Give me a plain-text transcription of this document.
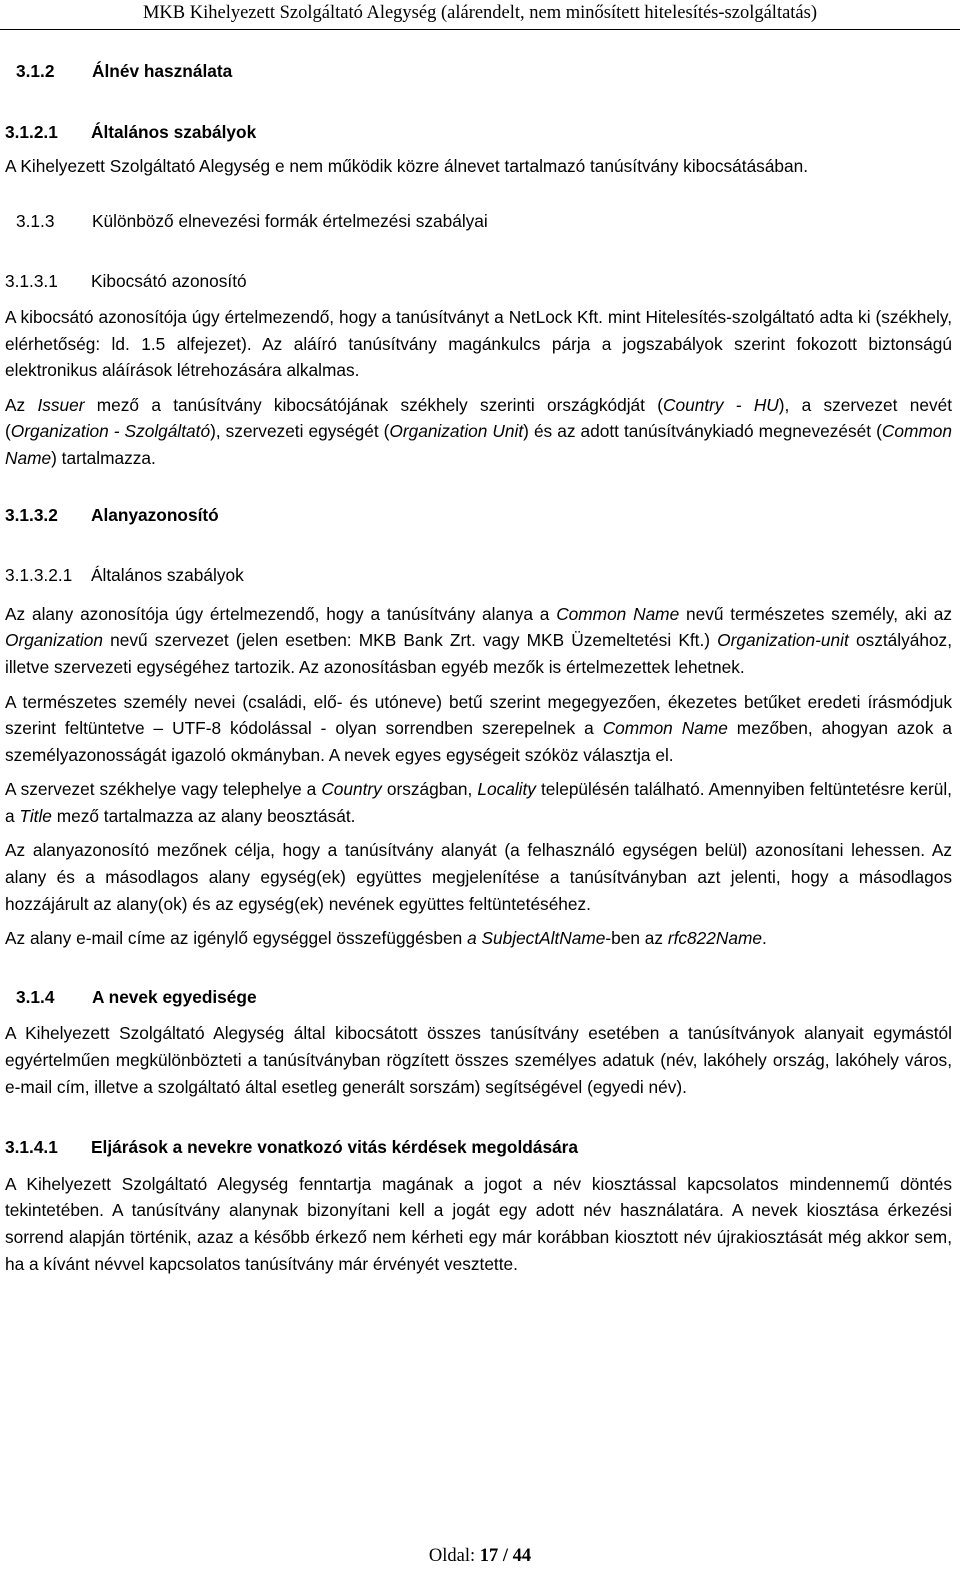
MKB Kihelyezett Szolgáltató Alegység (alárendelt, nem minősített hitelesítés-szolgáltatás)
3.1.2	Álnév használata
3.1.2.1	Általános szabályok

A Kihelyezett Szolgáltató Alegység e nem működik közre álnevet tartalmazó tanúsítvány kibocsátásában.

3.1.3	Különböző elnevezési formák értelmezési szabályai
3.1.3.1	Kibocsátó azonosító

A kibocsátó azonosítója úgy értelmezendő, hogy a tanúsítványt a NetLock Kft. mint Hitelesítés-szolgáltató adta ki (székhely, elérhetőség: ld. 1.5 alfejezet). Az aláíró tanúsítvány magánkulcs párja a jogszabályok szerint fokozott biztonságú elektronikus aláírások létrehozására alkalmas.

Az Issuer mező a tanúsítvány kibocsátójának székhely szerinti országkódját (Country - HU), a szervezet nevét (Organization - Szolgáltató), szervezeti egységét (Organization Unit) és az adott tanúsítványkiadó megnevezését (Common Name) tartalmazza.

3.1.3.2	Alanyazonosító
3.1.3.2.1	Általános szabályok

Az alany azonosítója úgy értelmezendő, hogy a tanúsítvány alanya a Common Name nevű természetes személy, aki az Organization nevű szervezet (jelen esetben: MKB Bank Zrt. vagy MKB Üzemeltetési Kft.) Organization-unit osztályához, illetve szervezeti egységéhez tartozik. Az azonosításban egyéb mezők is értelmezettek lehetnek.

A természetes személy nevei (családi, elő- és utóneve) betű szerint megegyezően, ékezetes betűket eredeti írásmódjuk szerint feltüntetve – UTF-8 kódolással - olyan sorrendben szerepelnek a Common Name mezőben, ahogyan azok a személyazonosságát igazoló okmányban. A nevek egyes egységeit szóköz választja el.

A szervezet székhelye vagy telephelye a Country országban, Locality településén található. Amennyiben feltüntetésre kerül, a Title mező tartalmazza az alany beosztását.

Az alanyazonosító mezőnek célja, hogy a tanúsítvány alanyát (a felhasználó egységen belül) azonosítani lehessen. Az alany és a másodlagos alany egység(ek) együttes megjelenítése a tanúsítványban azt jelenti, hogy a másodlagos hozzájárult az alany(ok) és az egység(ek) nevének együttes feltüntetéséhez.

Az alany e-mail címe az igénylő egységgel összefüggésben a SubjectAltName-ben az rfc822Name.

3.1.4	A nevek egyedisége

A Kihelyezett Szolgáltató Alegység által kibocsátott összes tanúsítvány esetében a tanúsítványok alanyait egymástól egyértelműen megkülönbözteti a tanúsítványban rögzített összes személyes adatuk (név, lakóhely ország, lakóhely város, e-mail cím, illetve a szolgáltató által esetleg generált sorszám) segítségével (egyedi név).

3.1.4.1	Eljárások a nevekre vonatkozó vitás kérdések megoldására

A Kihelyezett Szolgáltató Alegység fenntartja magának a jogot a név kiosztással kapcsolatos mindennemű döntés tekintetében. A tanúsítvány alanynak bizonyítani kell a jogát egy adott név használatára. A nevek kiosztása érkezési sorrend alapján történik, azaz a később érkező nem kérheti egy már korábban kiosztott név újrakiosztását még akkor sem, ha a kívánt névvel kapcsolatos tanúsítvány már érvényét vesztette.

Oldal: 17 / 44
